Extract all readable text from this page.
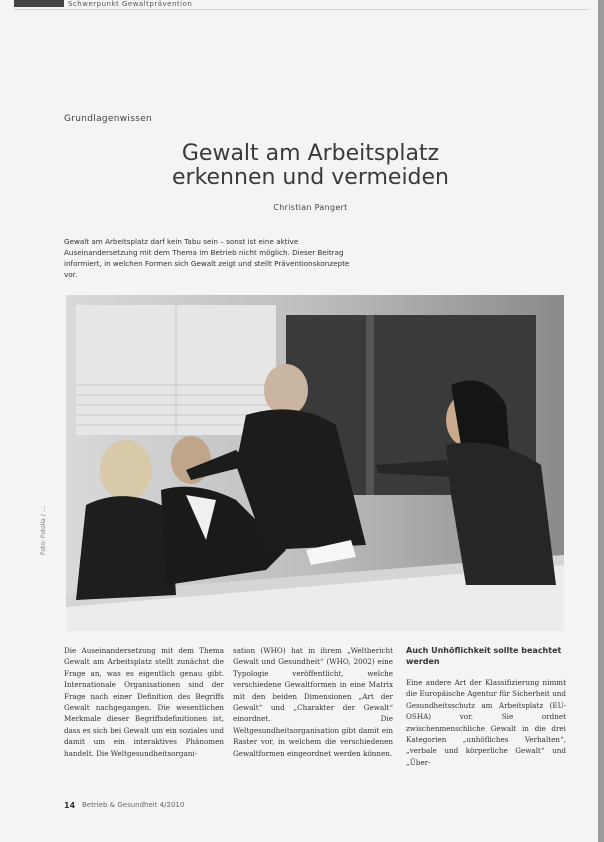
Schwerpunkt Gewaltprävention
Grundlagenwissen
Gewalt am Arbeitsplatz
erkennen und vermeiden
Christian Pangert
Gewalt am Arbeitsplatz darf kein Tabu sein – sonst ist eine aktive Auseinandersetzung mit dem Thema im Betrieb nicht möglich. Dieser Beitrag informiert, in welchen Formen sich Gewalt zeigt und stellt Präventionskonzepte vor.
Foto: Fotolia / ...
Die Auseinandersetzung mit dem Thema Gewalt am Arbeitsplatz stellt zunächst die Frage an, was es eigentlich genau gibt. Internationale Organisationen sind der Frage nach einer Definition des Begriffs Gewalt nachgegangen. Die wesentlichen Merkmale dieser Begriffsdefinitionen ist, dass es sich bei Gewalt um ein soziales und damit um ein interaktives Phänomen handelt. Die Weltgesundheitsorgani-
sation (WHO) hat in ihrem „Weltbericht Gewalt und Gesundheit“ (WHO, 2002) eine Typologie veröffentlicht, welche verschiedene Gewaltformen in eine Matrix mit den beiden Dimensionen „Art der Gewalt“ und „Charakter der Gewalt“ einordnet. Die Weltgesundheitsorganisation gibt damit ein Raster vor, in welchem die verschiedenen Gewaltformen eingeordnet werden können.
Auch Unhöflichkeit sollte beachtet werden
Eine andere Art der Klassifizierung nimmt die Europäische Agentur für Sicherheit und Gesundheitsschutz am Arbeitsplatz (EU-OSHA) vor. Sie ordnet zwischenmenschliche Gewalt in die drei Kategorien „unhöfliches Verhalten“, „verbale und körperliche Gewalt“ und „Über-
14 Betrieb & Gesundheit 4/2010
